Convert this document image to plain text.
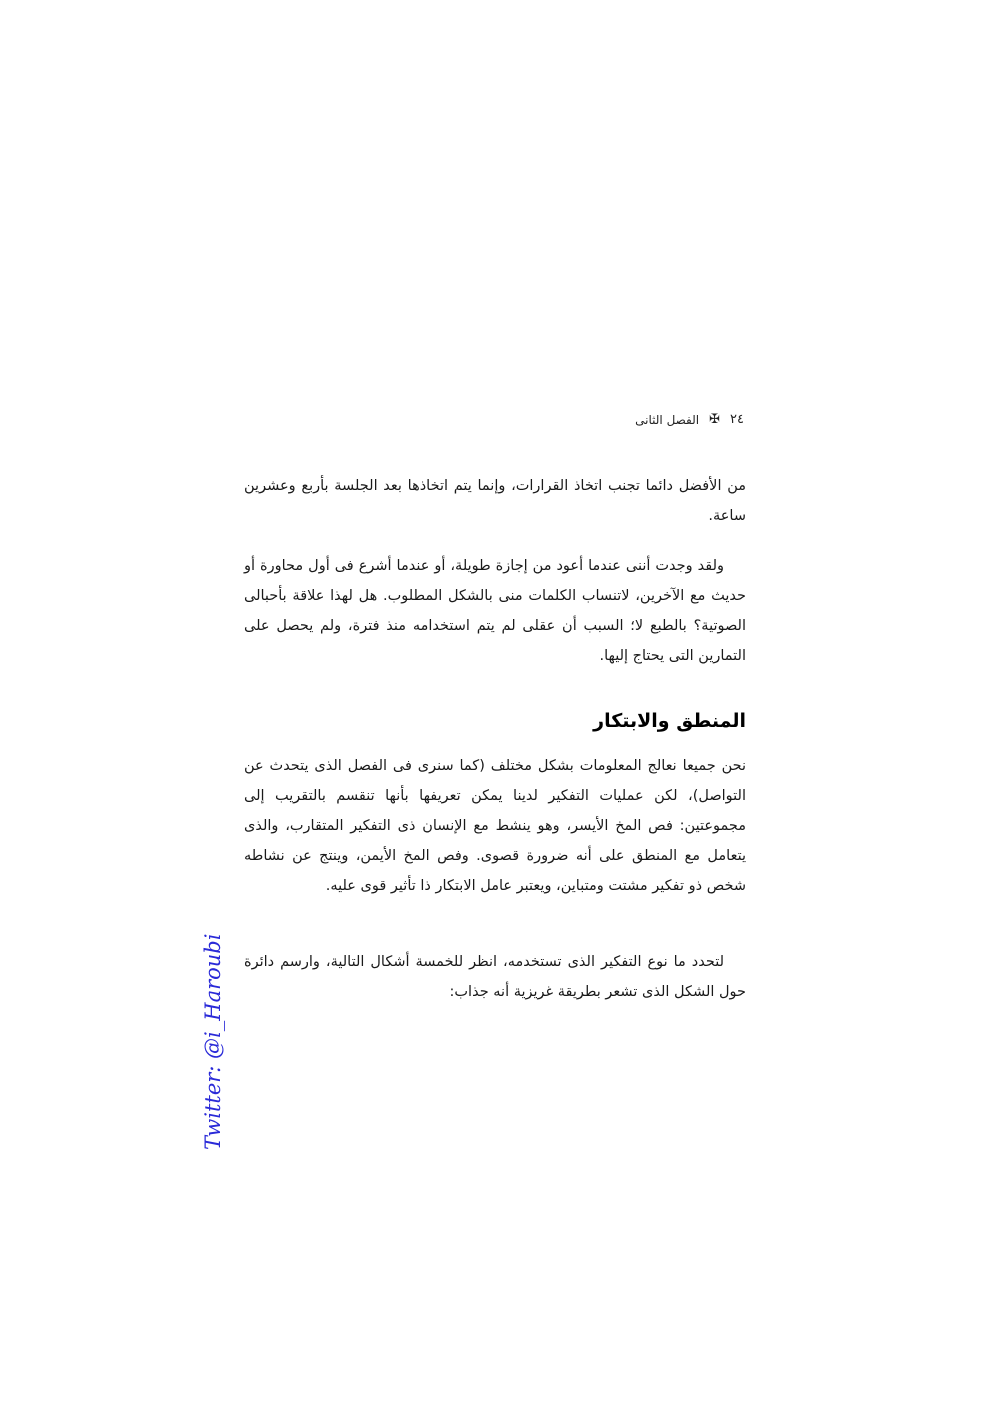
٢٤
✠
الفصل الثانى

من الأفضل دائما تجنب اتخاذ القرارات، وإنما يتم اتخاذها بعد الجلسة بأربع وعشرين ساعة.

ولقد وجدت أننى عندما أعود من إجازة طويلة، أو عندما أشرع فى أول محاورة أو حديث مع الآخرين، لاتنساب الكلمات منى بالشكل المطلوب. هل لهذا علاقة بأحبالى الصوتية؟ بالطبع لا؛ السبب أن عقلى لم يتم استخدامه منذ فترة، ولم يحصل على التمارين التى يحتاج إليها.

المنطق والابتكار

نحن جميعا نعالج المعلومات بشكل مختلف (كما سنرى فى الفصل الذى يتحدث عن التواصل)، لكن عمليات التفكير لدينا يمكن تعريفها بأنها تنقسم بالتقريب إلى مجموعتين: فص المخ الأيسر، وهو ينشط مع الإنسان ذى التفكير المتقارب، والذى يتعامل مع المنطق على أنه ضرورة قصوى. وفص المخ الأيمن، وينتج عن نشاطه شخص ذو تفكير مشتت ومتباين، ويعتبر عامل الابتكار ذا تأثير قوى عليه.

لتحدد ما نوع التفكير الذى تستخدمه، انظر للخمسة أشكال التالية، وارسم دائرة حول الشكل الذى تشعر بطريقة غريزية أنه جذاب:

Twitter: @i_Haroubi
